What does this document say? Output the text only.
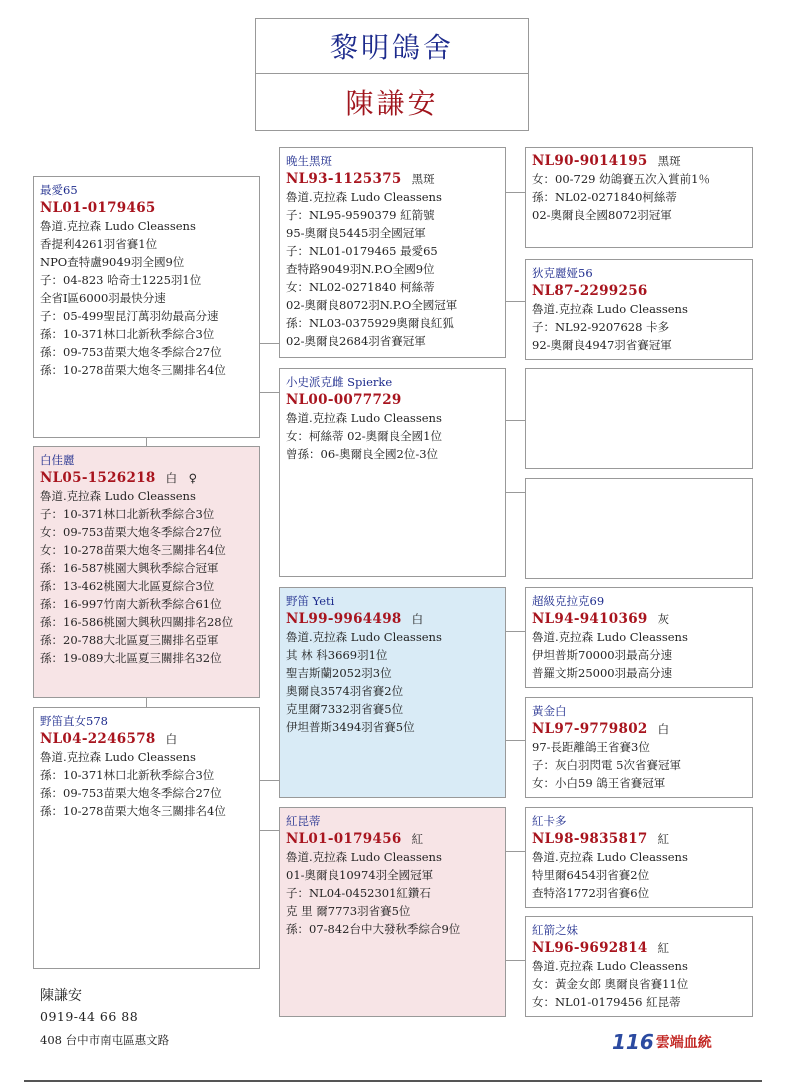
黎明鴿舍
陳謙安
最愛65
NL01-0179465
魯道.克拉森 Ludo Cleassens
香提利4261羽省賽1位
NPO查特盧9049羽全國9位
子：04-823 哈奇士1225羽1位
全省I區6000羽最快分速
子：05-499聖昆汀萬羽幼最高分速
孫：10-371林口北新秋季綜合3位
孫：09-753苗栗大炮冬季綜合27位
孫：10-278苗栗大炮冬三關排名4位
白佳麗
NL05-1526218 白　♀
魯道.克拉森 Ludo Cleassens
子：10-371林口北新秋季綜合3位
女：09-753苗栗大炮冬季綜合27位
女：10-278苗栗大炮冬三關排名4位
孫：16-587桃園大興秋季綜合冠軍
孫：13-462桃園大北區夏綜合3位
孫：16-997竹南大新秋季綜合61位
孫：16-586桃園大興秋四關排名28位
孫：20-788大北區夏三關排名亞軍
孫：19-089大北區夏三關排名32位
野笛直女578
NL04-2246578 白
魯道.克拉森 Ludo Cleassens
孫：10-371林口北新秋季綜合3位
孫：09-753苗栗大炮冬季綜合27位
孫：10-278苗栗大炮冬三關排名4位
晚生黑斑
NL93-1125375 黑斑
魯道.克拉森 Ludo Cleassens
子：NL95-9590379 紅箭號
95-奧爾良5445羽全國冠軍
子：NL01-0179465 最愛65
查特路9049羽N.P.O全國9位
女：NL02-0271840 柯絲蒂
02-奧爾良8072羽N.P.O全國冠軍
孫：NL03-0375929奧爾良紅狐
02-奧爾良2684羽省賽冠軍
小史派克雌 Spierke
NL00-0077729
魯道.克拉森 Ludo Cleassens
女：柯絲蒂 02-奧爾良全國1位
曾孫：06-奧爾良全國2位-3位
野笛 Yeti
NL99-9964498 白
魯道.克拉森 Ludo Cleassens
其 林 科3669羽1位
聖吉斯蘭2052羽3位
奧爾良3574羽省賽2位
克里爾7332羽省賽5位
伊坦普斯3494羽省賽5位
紅昆蒂
NL01-0179456 紅
魯道.克拉森 Ludo Cleassens
01-奧爾良10974羽全國冠軍
子：NL04-0452301紅鑽石
克 里 爾7773羽省賽5位
孫：07-842台中大發秋季綜合9位
NL90-9014195 黑斑
女：00-729 幼鴿賽五次入賞前1％
孫：NL02-0271840柯絲蒂
02-奧爾良全國8072羽冠軍
狄克麗娅56
NL87-2299256
魯道.克拉森 Ludo Cleassens
子：NL92-9207628 卡多
92-奧爾良4947羽省賽冠軍
超級克拉克69
NL94-9410369 灰
魯道.克拉森 Ludo Cleassens
伊坦普斯70000羽最高分速
普羅文斯25000羽最高分速
黃金白
NL97-9779802 白
97-長距離鴿王省賽3位
子：灰白羽閃電 5次省賽冠軍
女：小白59 鴿王省賽冠軍
紅卡多
NL98-9835817 紅
魯道.克拉森 Ludo Cleassens
特里爾6454羽省賽2位
查特洛1772羽省賽6位
紅箭之妹
NL96-9692814 紅
魯道.克拉森 Ludo Cleassens
女：黃金女郎 奧爾良省賽11位
女：NL01-0179456 紅昆蒂
陳謙安
0919-44 66 88
408 台中市南屯區惠文路	116 雲端血統
